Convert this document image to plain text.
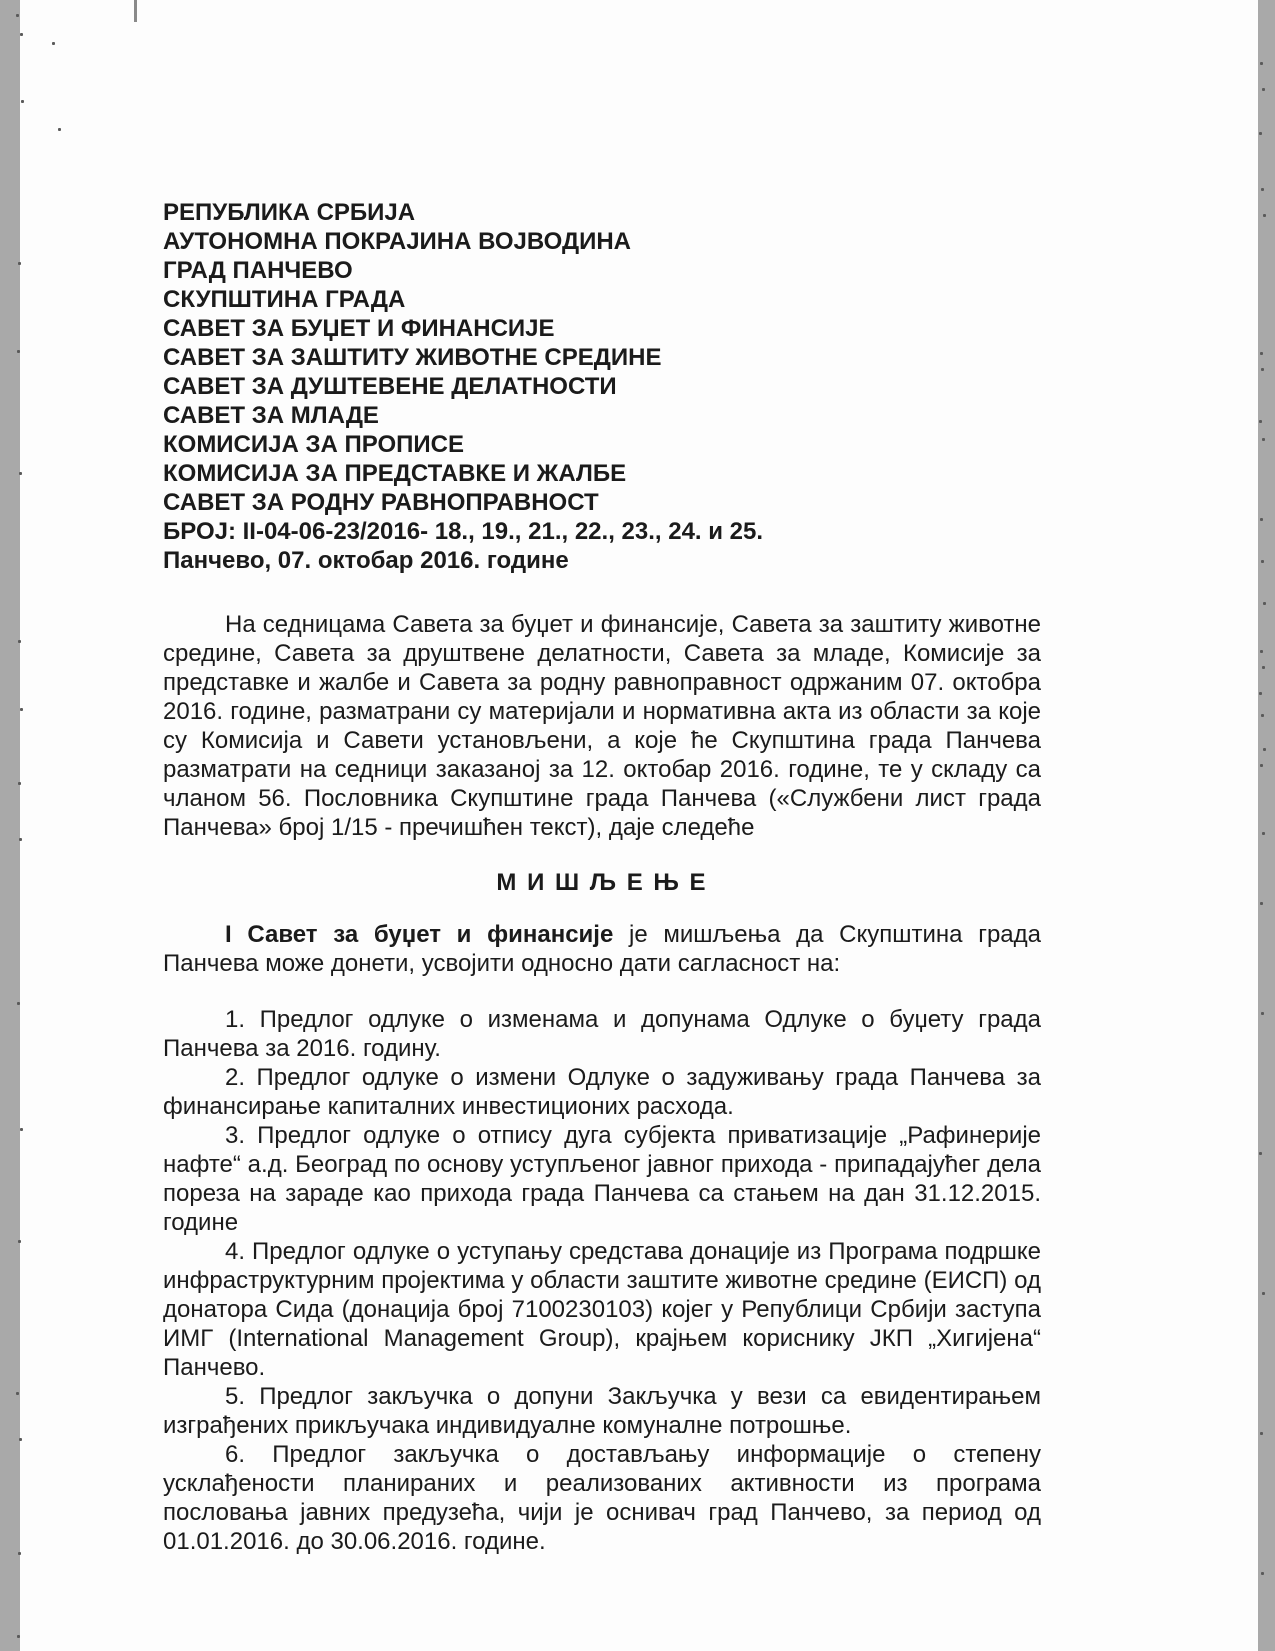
РЕПУБЛИКА СРБИЈА
АУТОНОМНА ПОКРАЈИНА ВОЈВОДИНА
ГРАД ПАНЧЕВО
СКУПШТИНА ГРАДА
САВЕТ ЗА БУЏЕТ И ФИНАНСИЈЕ
САВЕТ ЗА ЗАШТИТУ ЖИВОТНЕ СРЕДИНЕ
САВЕТ ЗА ДУШТЕВЕНЕ ДЕЛАТНОСТИ
САВЕТ ЗА МЛАДЕ
КОМИСИЈА ЗА ПРОПИСЕ
КОМИСИЈА ЗА ПРЕДСТАВКЕ И ЖАЛБЕ
САВЕТ ЗА РОДНУ РАВНОПРАВНОСТ
БРОЈ: II-04-06-23/2016- 18., 19., 21., 22., 23., 24. и 25.
Панчево, 07. октобар 2016. године

На седницама Савета за буџет и финансије, Савета за заштиту животне средине, Савета за друштвене делатности, Савета за младе, Комисије за представке и жалбе и Савета за родну равноправност одржаним 07. октобра 2016. године, разматрани су материјали и нормативна акта из области за које су Комисија и Савети установљени, а које ће Скупштина града Панчева разматрати на седници заказаној за 12. октобар 2016. године, те у складу са чланом 56. Пословника Скупштине града Панчева («Службени лист града Панчева» број 1/15 - пречишћен текст), даје следеће

М И Ш Љ Е Њ Е

I Савет за буџет и финансије је мишљења да Скупштина града Панчева може донети, усвојити односно дати сагласност на:

1. Предлог одлуке о изменама и допунама Одлуке о буџету града Панчева за 2016. годину.

2. Предлог одлуке о измени Одлуке о задуживању града Панчева за финансирање капиталних инвестиционих расхода.

3. Предлог одлуке о отпису дуга субјекта приватизације „Рафинерије нафте“ а.д. Београд по основу уступљеног јавног прихода - припадајућег дела пореза на зараде као прихода града Панчева са стањем на дан 31.12.2015. године

4. Предлог одлуке о уступању средстава донације из Програма подршке инфраструктурним пројектима у области заштите животне средине (ЕИСП) од донатора Сида (донација број 7100230103) којег у Републици Србији заступа ИМГ (International Management Group), крајњем кориснику ЈКП „Хигијена“ Панчево.

5. Предлог закључка о допуни Закључка у вези са евидентирањем изграђених прикључака индивидуалне комуналне потрошње.

6. Предлог закључка о достављању информације о степену усклађености планираних и реализованих активности из програма пословања јавних предузећа, чији је оснивач град Панчево, за период од 01.01.2016. до 30.06.2016. године.
